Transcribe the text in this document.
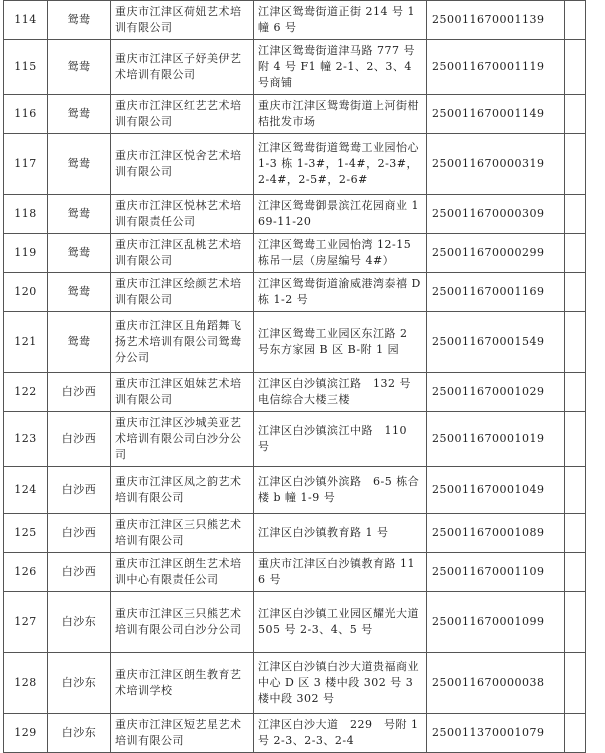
114	鸳鸯	重庆市江津区荷妞艺术培训有限公司	江津区鸳鸯街道正街 214 号 1 幢 6 号	250011670001139	
115	鸳鸯	重庆市江津区子妤美伊艺术培训有限公司	江津区鸳鸯街道津马路 777 号附 4 号 F1 幢 2-1、2、3、4 号商铺	250011670001119	
116	鸳鸯	重庆市江津区红艺艺术培训有限公司	重庆市江津区鸳鸯街道上河街柑桔批发市场	250011670001149	
117	鸳鸯	重庆市江津区悦舍艺术培训有限公司	江津区鸳鸯街道鸳鸯工业园怡心 1-3 栋 1-3#，1-4#，2-3#，2-4#，2-5#，2-6#	250011670000319	
118	鸳鸯	重庆市江津区悦林艺术培训有限责任公司	江津区鸳鸯御景滨江花园商业 169-11-20	250011670000309	
119	鸳鸯	重庆市江津区乱桃艺术培训有限公司	江津区鸳鸯工业园怡湾 12-15 栋吊一层（房屋编号 4#）	250011670000299	
120	鸳鸯	重庆市江津区绘颜艺术培训有限公司	江津区鸳鸯街道渝威港湾泰禧 D 栋 1-2 号	250011670001169	
121	鸳鸯	重庆市江津区且角蹈舞飞扬艺术培训有限公司鸳鸯分公司	江津区鸳鸯工业园区东江路 2 号东方家园 B 区 B-附 1 园	250011670001549	
122	白沙西	重庆市江津区姐妹艺术培训有限公司	江津区白沙镇滨江路　132 号电信综合大楼三楼	250011670001029	
123	白沙西	重庆市江津区沙城美亚艺术培训有限公司白沙分公司	江津区白沙镇滨江中路　110 号	250011670001019	
124	白沙西	重庆市江津区凤之韵艺术培训有限公司	江津区白沙镇外滨路　6-5 栋合楼 b 幢 1-9 号	250011670001049	
125	白沙西	重庆市江津区三只熊艺术培训有限公司	江津区白沙镇教育路 1 号	250011670001089	
126	白沙西	重庆市江津区朗生艺术培训中心有限责任公司	重庆市江津区白沙镇教育路 116 号	250011670001109	
127	白沙东	重庆市江津区三只熊艺术培训有限公司白沙分公司	江津区白沙镇工业园区耀光大道 505 号 2-3、4、5 号	250011670001099	
128	白沙东	重庆市江津区朗生教育艺术培训学校	江津区白沙镇白沙大道贵福商业中心 D 区 3 楼中段 302 号 3 楼中段 302 号	250011670000038	
129	白沙东	重庆市江津区短艺星艺术培训有限公司	江津区白沙大道　229　号附 1 号 2-3、2-3、2-4	250011370001079	
